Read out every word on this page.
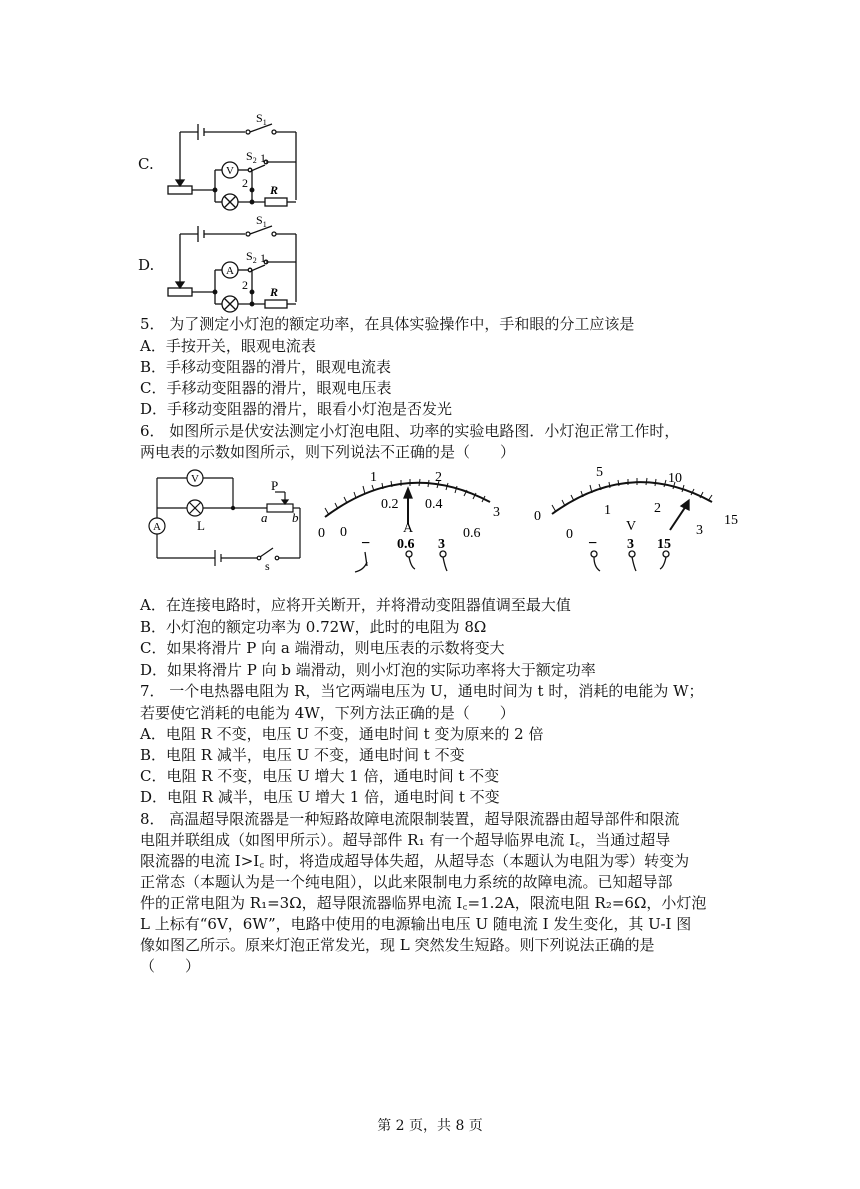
C.
$S_1$
V
$S_2$ 1
2 R
D.
$S_1$
A
$S_2$ 1
2 R
5． 为了测定小灯泡的额定功率，在具体实验操作中，手和眼的分工应该是
A．手按开关，眼观电流表
B．手移动变阻器的滑片，眼观电流表
C．手移动变阻器的滑片，眼观电压表
D．手移动变阻器的滑片，眼看小灯泡是否发光
6． 如图所示是伏安法测定小灯泡电阻、功率的实验电路图．小灯泡正常工作时，
两电表的示数如图所示，则下列说法不正确的是（　　）
V
L
A
P
a b
s
0
1	2
3
0
0.2 0.4
0.6
A
− 0.6 3
0
5	10
15
0
1	2
3
V
− 3 15
A．在连接电路时，应将开关断开，并将滑动变阻器值调至最大值
B．小灯泡的额定功率为 0.72W，此时的电阻为 8Ω
C．如果将滑片 P 向 a 端滑动，则电压表的示数将变大
D．如果将滑片 P 向 b 端滑动，则小灯泡的实际功率将大于额定功率
7． 一个电热器电阻为 R，当它两端电压为 U，通电时间为 t 时，消耗的电能为 W；
若要使它消耗的电能为 4W，下列方法正确的是（　　）
A．电阻 R 不变，电压 U 不变，通电时间 t 变为原来的 2 倍
B．电阻 R 减半，电压 U 不变，通电时间 t 不变
C．电阻 R 不变，电压 U 增大 1 倍，通电时间 t 不变
D．电阻 R 减半，电压 U 增大 1 倍，通电时间 t 不变
8． 高温超导限流器是一种短路故障电流限制装置，超导限流器由超导部件和限流
电阻并联组成（如图甲所示）。超导部件 R₁ 有一个超导临界电流 I꜀，当通过超导
限流器的电流 I>I꜀ 时，将造成超导体失超，从超导态（本题认为电阻为零）转变为
正常态（本题认为是一个纯电阻），以此来限制电力系统的故障电流。已知超导部
件的正常电阻为 R₁=3Ω，超导限流器临界电流 I꜀=1.2A，限流电阻 R₂=6Ω，小灯泡
L 上标有“6V，6W”，电路中使用的电源输出电压 U 随电流 I 发生变化，其 U-I 图
像如图乙所示。原来灯泡正常发光，现 L 突然发生短路。则下列说法正确的是
（　　）
第 2 页，共 8 页
